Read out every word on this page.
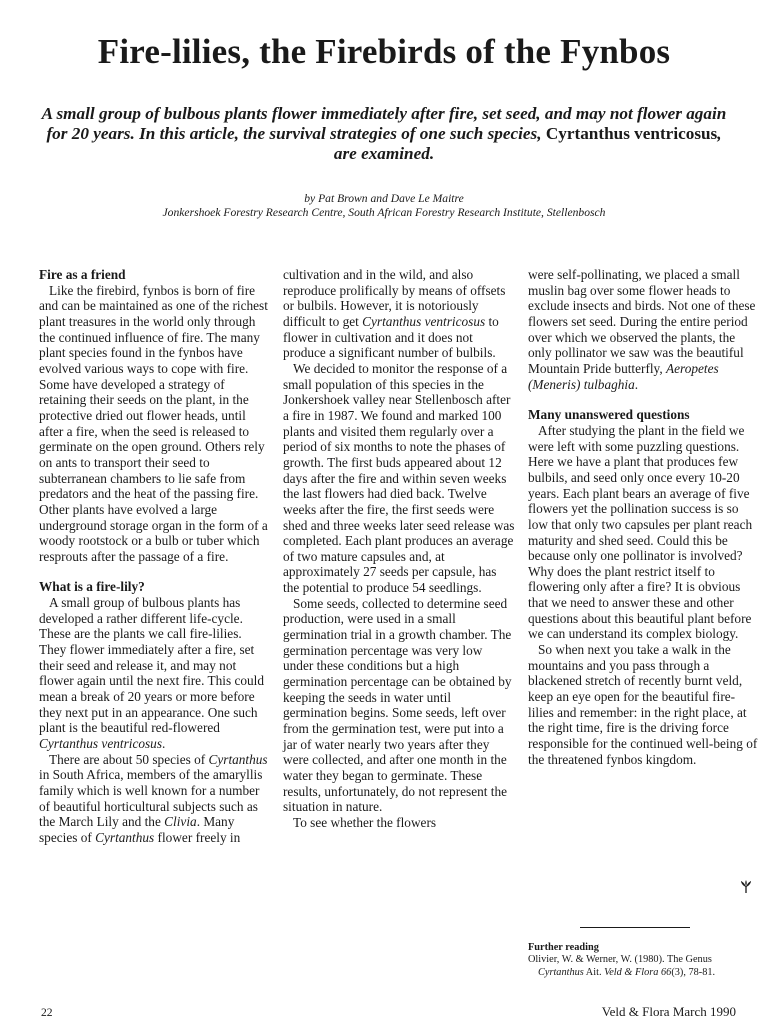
Fire-lilies, the Firebirds of the Fynbos

A small group of bulbous plants flower immediately after fire, set seed, and may not flower again for 20 years. In this article, the survival strategies of one such species, Cyrtanthus ventricosus, are examined.

by Pat Brown and Dave Le Maitre
Jonkershoek Forestry Research Centre, South African Forestry Research Institute, Stellenbosch
Fire as a friend

Like the firebird, fynbos is born of fire and can be maintained as one of the richest plant treasures in the world only through the continued influence of fire. The many plant species found in the fynbos have evolved various ways to cope with fire. Some have developed a strategy of retaining their seeds on the plant, in the protective dried out flower heads, until after a fire, when the seed is released to germinate on the open ground. Others rely on ants to transport their seed to subterranean chambers to lie safe from predators and the heat of the passing fire. Other plants have evolved a large underground storage organ in the form of a woody rootstock or a bulb or tuber which resprouts after the passage of a fire.

What is a fire-lily?

A small group of bulbous plants has developed a rather different life-cycle. These are the plants we call fire-lilies. They flower immediately after a fire, set their seed and release it, and may not flower again until the next fire. This could mean a break of 20 years or more before they next put in an appearance. One such plant is the beautiful red-flowered Cyrtanthus ventricosus.

There are about 50 species of Cyrtanthus in South Africa, members of the amaryllis family which is well known for a number of beautiful horticultural subjects such as the March Lily and the Clivia. Many species of Cyrtanthus flower freely in

cultivation and in the wild, and also reproduce prolifically by means of offsets or bulbils. However, it is notoriously difficult to get Cyrtanthus ventricosus to flower in cultivation and it does not produce a significant number of bulbils.

We decided to monitor the response of a small population of this species in the Jonkershoek valley near Stellenbosch after a fire in 1987. We found and marked 100 plants and visited them regularly over a period of six months to note the phases of growth. The first buds appeared about 12 days after the fire and within seven weeks the last flowers had died back. Twelve weeks after the fire, the first seeds were shed and three weeks later seed release was completed. Each plant produces an average of two mature capsules and, at approximately 27 seeds per capsule, has the potential to produce 54 seedlings.

Some seeds, collected to determine seed production, were used in a small germination trial in a growth chamber. The germination percentage was very low under these conditions but a high germination percentage can be obtained by keeping the seeds in water until germination begins. Some seeds, left over from the germination test, were put into a jar of water nearly two years after they were collected, and after one month in the water they began to germinate. These results, unfortunately, do not represent the situation in nature.

To see whether the flowers

were self-pollinating, we placed a small muslin bag over some flower heads to exclude insects and birds. Not one of these flowers set seed. During the entire period over which we observed the plants, the only pollinator we saw was the beautiful Mountain Pride butterfly, Aeropetes (Meneris) tulbaghia.

Many unanswered questions

After studying the plant in the field we were left with some puzzling questions. Here we have a plant that produces few bulbils, and seed only once every 10-20 years. Each plant bears an average of five flowers yet the pollination success is so low that only two capsules per plant reach maturity and shed seed. Could this be because only one pollinator is involved? Why does the plant restrict itself to flowering only after a fire? It is obvious that we need to answer these and other questions about this beautiful plant before we can understand its complex biology.

So when next you take a walk in the mountains and you pass through a blackened stretch of recently burnt veld, keep an eye open for the beautiful fire-lilies and remember: in the right place, at the right time, fire is the driving force responsible for the continued well-being of the threatened fynbos kingdom.

Further reading

Olivier, W. & Werner, W. (1980). The Genus Cyrtanthus Ait. Veld & Flora 66(3), 78-81.

22	Veld & Flora March 1990
